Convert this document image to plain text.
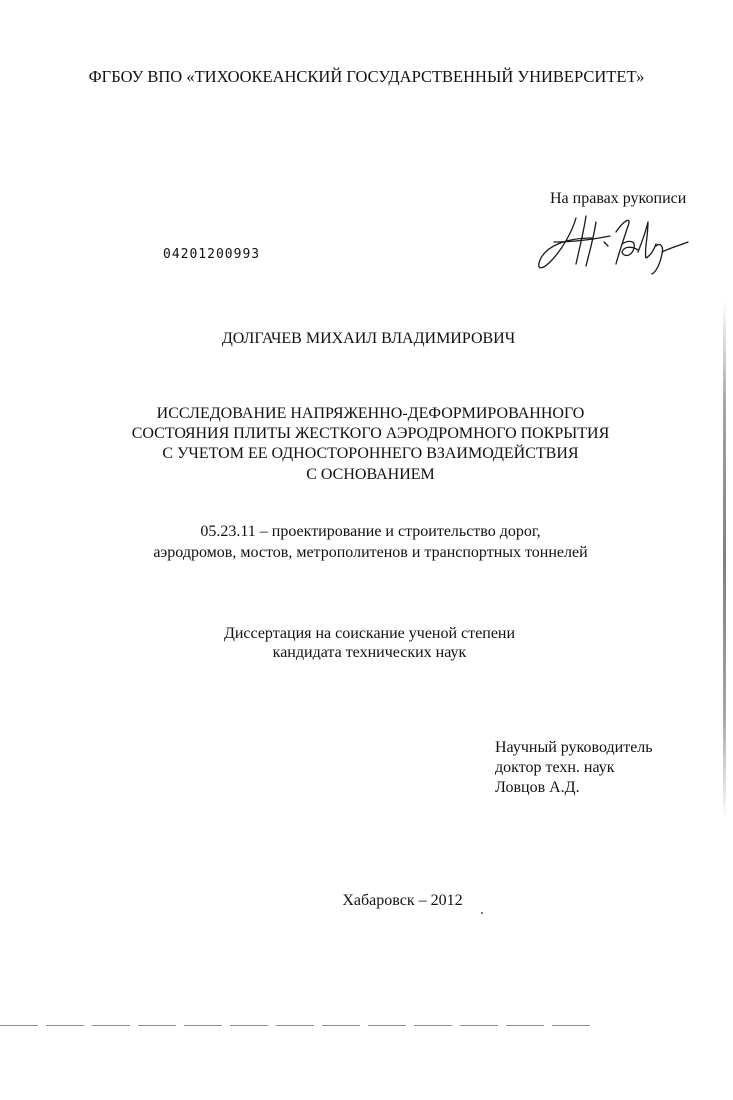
ФГБОУ ВПО «ТИХООКЕАНСКИЙ ГОСУДАРСТВЕННЫЙ УНИВЕРСИТЕТ»
На правах рукописи
04201200993
ДОЛГАЧЕВ МИХАИЛ ВЛАДИМИРОВИЧ
ИССЛЕДОВАНИЕ НАПРЯЖЕННО-ДЕФОРМИРОВАННОГО
СОСТОЯНИЯ ПЛИТЫ ЖЕСТКОГО АЭРОДРОМНОГО ПОКРЫТИЯ
С УЧЕТОМ ЕЕ ОДНОСТОРОННЕГО ВЗАИМОДЕЙСТВИЯ
С ОСНОВАНИЕМ
05.23.11 – проектирование и строительство дорог,
аэродромов, мостов, метрополитенов и транспортных тоннелей
Диссертация на соискание ученой степени
кандидата технических наук
Научный руководитель
доктор техн. наук
Ловцов А.Д.
Хабаровск – 2012
